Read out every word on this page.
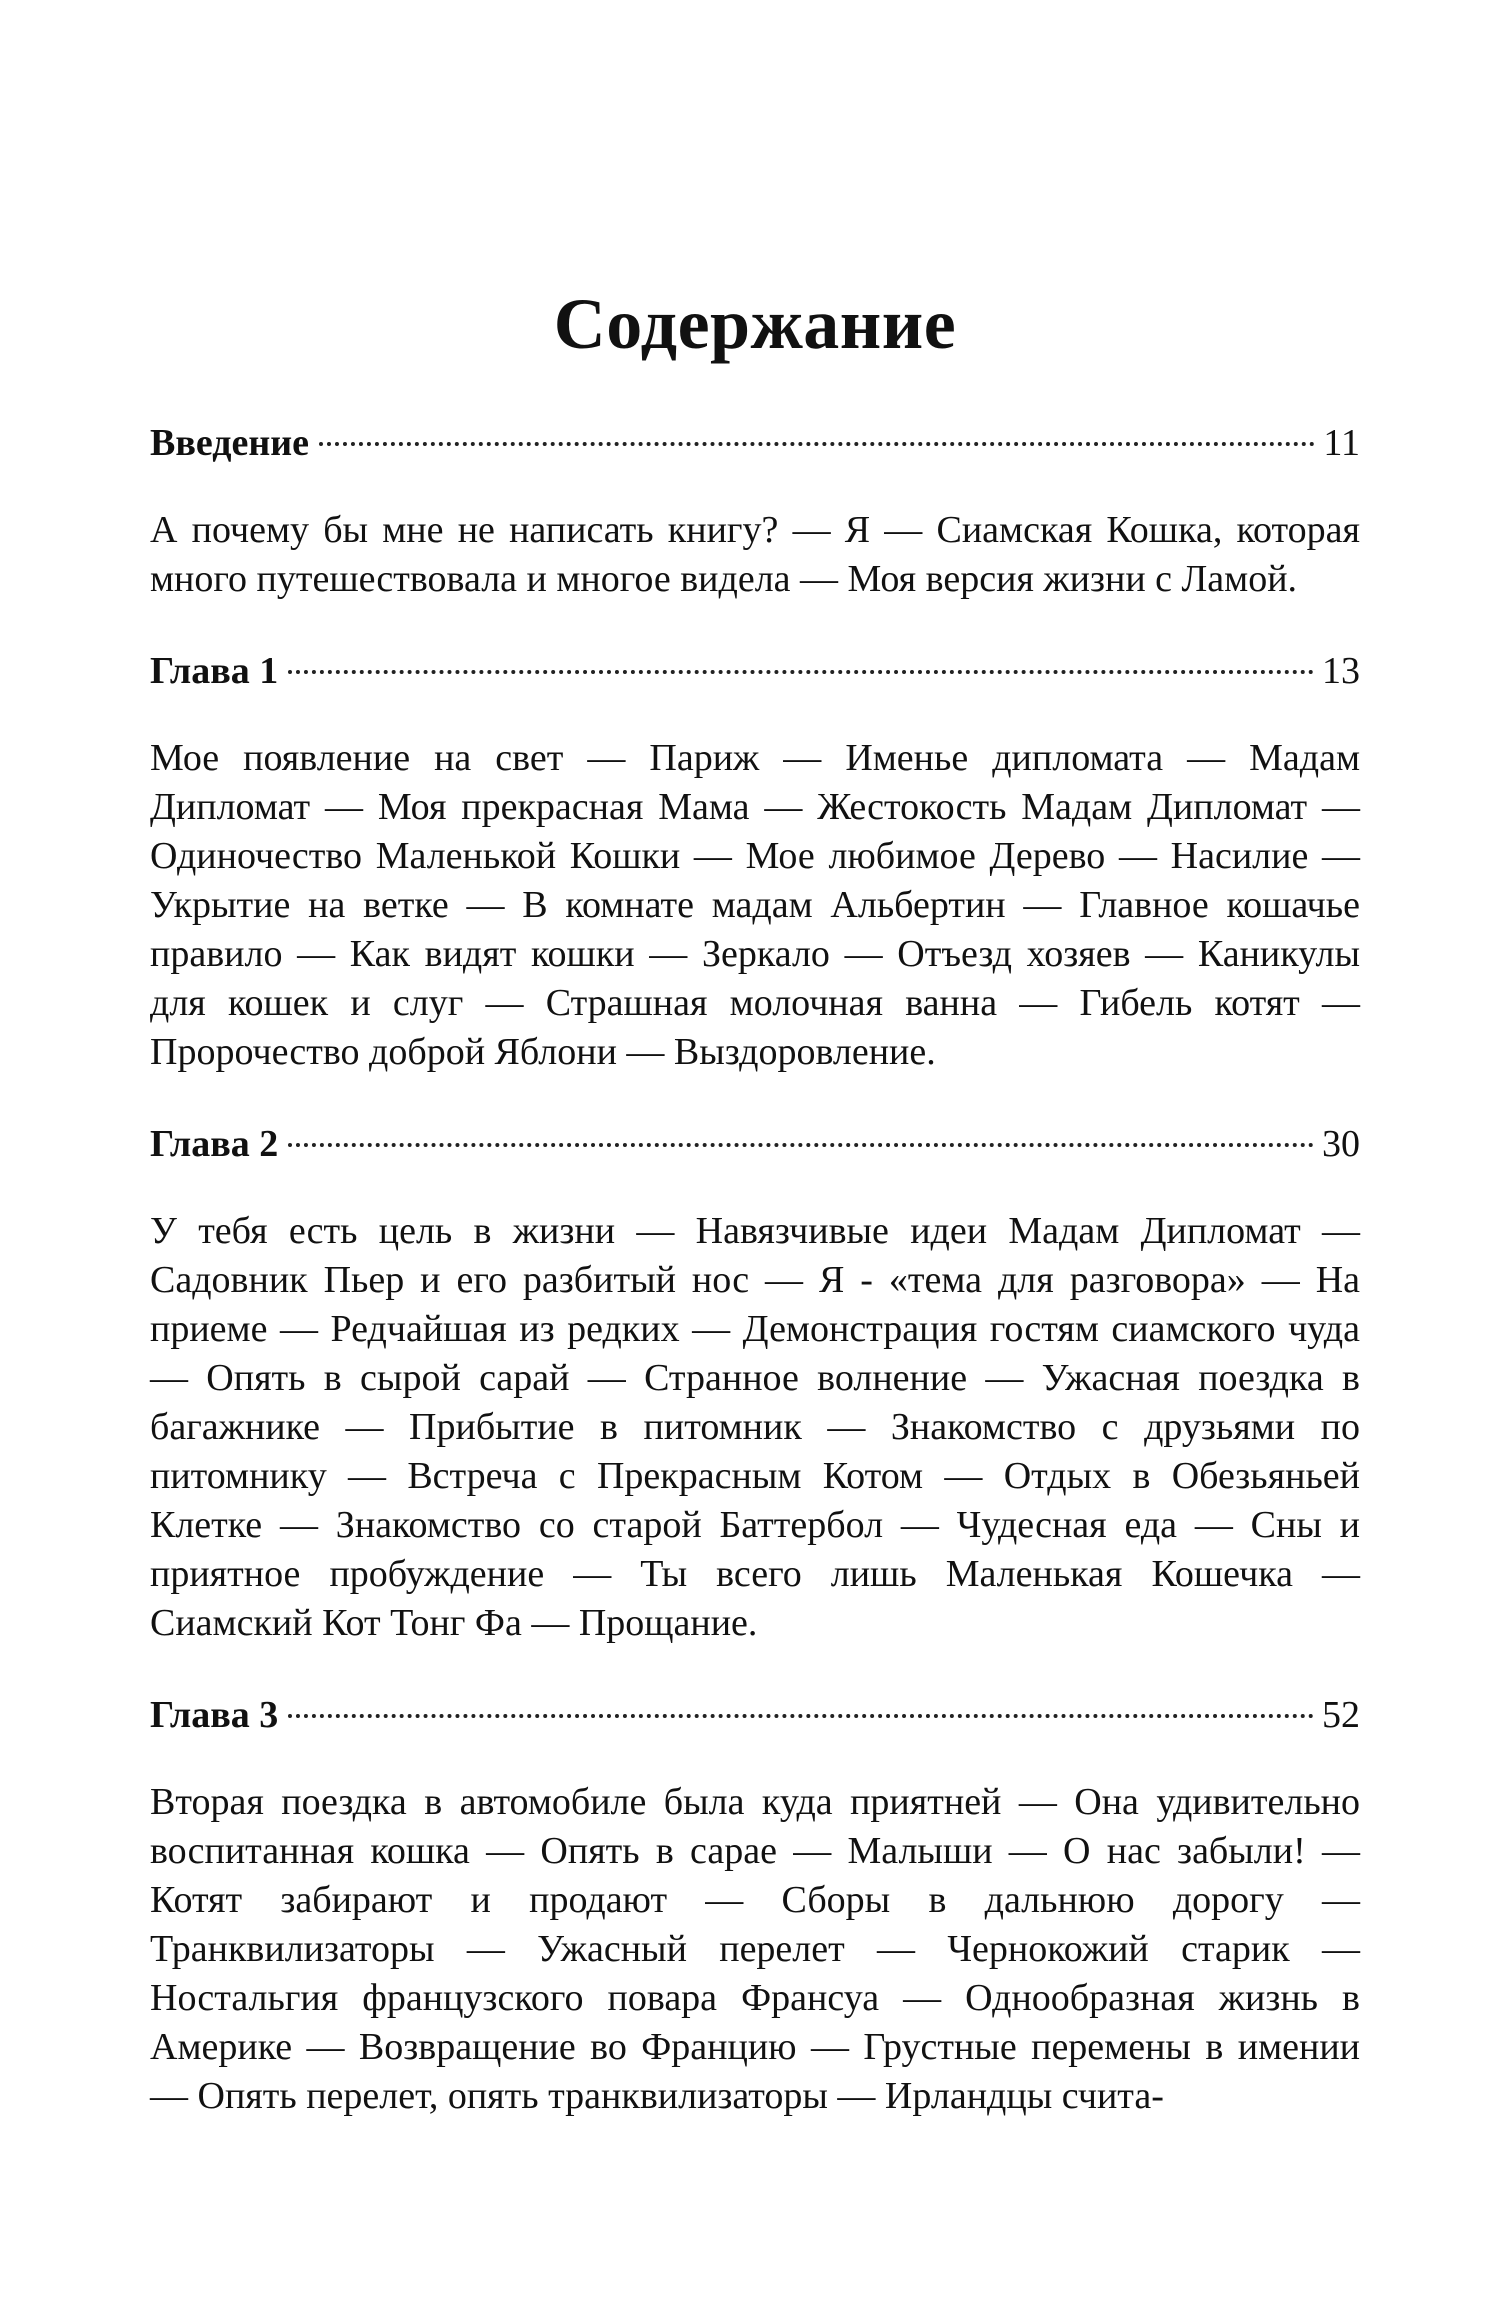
Содержание
Введение	11

А почему бы мне не написать книгу? — Я — Сиамская Кошка, которая много путешествовала и многое видела — Моя версия жизни с Ламой.

Глава 1	13

Мое появление на свет — Париж — Именье дипломата — Мадам Дипломат — Моя прекрасная Мама — Жестокость Мадам Дипломат — Одиночество Маленькой Кошки — Мое любимое Дерево — Насилие — Укрытие на ветке — В комнате мадам Альбертин — Главное кошачье правило — Как видят кошки — Зеркало — Отъезд хозяев — Каникулы для кошек и слуг — Страшная молочная ванна — Гибель котят — Пророчество доброй Яблони — Выздоровление.

Глава 2	30

У тебя есть цель в жизни — Навязчивые идеи Мадам Дипломат — Садовник Пьер и его разбитый нос — Я - «тема для разговора» — На приеме — Редчайшая из редких — Демонстрация гостям сиамского чуда — Опять в сырой сарай — Странное волнение — Ужасная поездка в багажнике — Прибытие в питомник — Знакомство с друзьями по питомнику — Встреча с Прекрасным Котом — Отдых в Обезьяньей Клетке — Знакомство со старой Баттербол — Чудесная еда — Сны и приятное пробуждение — Ты всего лишь Маленькая Кошечка — Сиамский Кот Тонг Фа — Прощание.

Глава 3	52

Вторая поездка в автомобиле была куда приятней — Она удивительно воспитанная кошка — Опять в сарае — Малыши — О нас забыли! — Котят забирают и продают — Сборы в дальнюю дорогу — Транквилизаторы — Ужасный перелет — Чернокожий старик — Ностальгия французского повара Франсуа — Однообразная жизнь в Америке — Возвращение во Францию — Грустные перемены в имении — Опять перелет, опять транквилизаторы — Ирландцы счита-
